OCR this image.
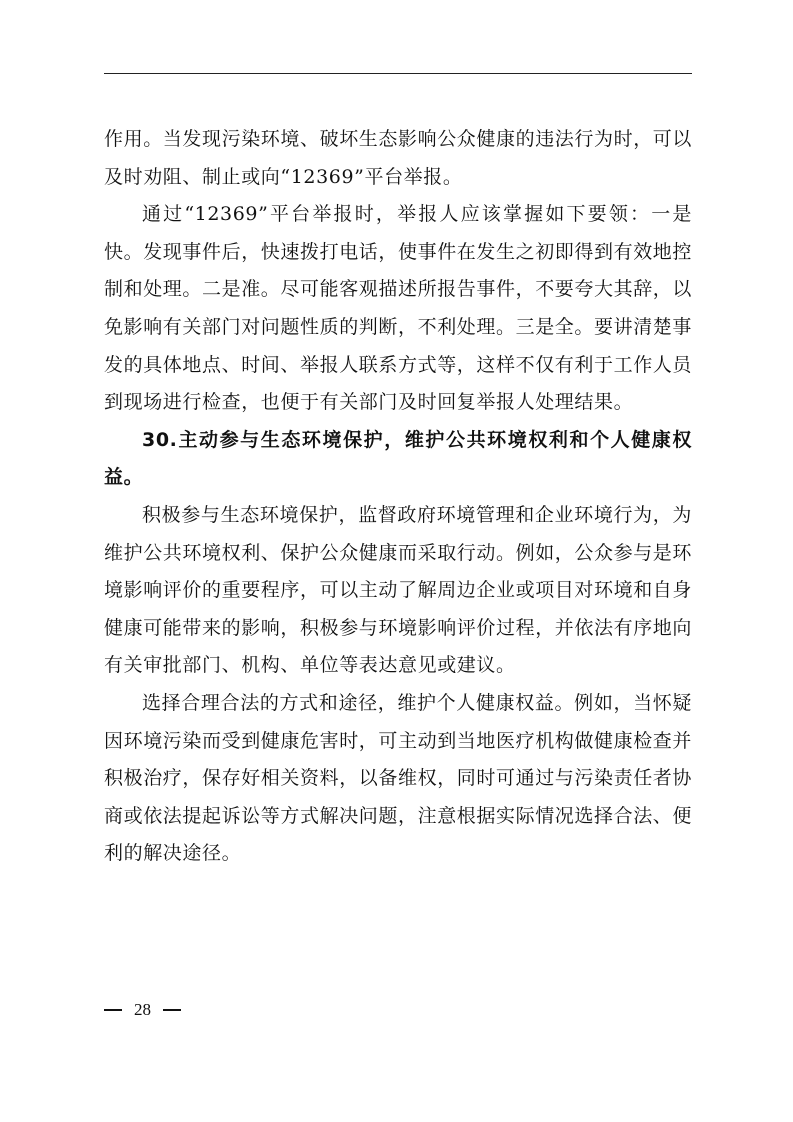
作用。当发现污染环境、破坏生态影响公众健康的违法行为时，可以及时劝阻、制止或向“12369”平台举报。

通过“12369”平台举报时，举报人应该掌握如下要领：一是快。发现事件后，快速拨打电话，使事件在发生之初即得到有效地控制和处理。二是准。尽可能客观描述所报告事件，不要夸大其辞，以免影响有关部门对问题性质的判断，不利处理。三是全。要讲清楚事发的具体地点、时间、举报人联系方式等，这样不仅有利于工作人员到现场进行检查，也便于有关部门及时回复举报人处理结果。

30.主动参与生态环境保护，维护公共环境权利和个人健康权益。

积极参与生态环境保护，监督政府环境管理和企业环境行为，为维护公共环境权利、保护公众健康而采取行动。例如，公众参与是环境影响评价的重要程序，可以主动了解周边企业或项目对环境和自身健康可能带来的影响，积极参与环境影响评价过程，并依法有序地向有关审批部门、机构、单位等表达意见或建议。

选择合理合法的方式和途径，维护个人健康权益。例如，当怀疑因环境污染而受到健康危害时，可主动到当地医疗机构做健康检查并积极治疗，保存好相关资料，以备维权，同时可通过与污染责任者协商或依法提起诉讼等方式解决问题，注意根据实际情况选择合法、便利的解决途径。

28
